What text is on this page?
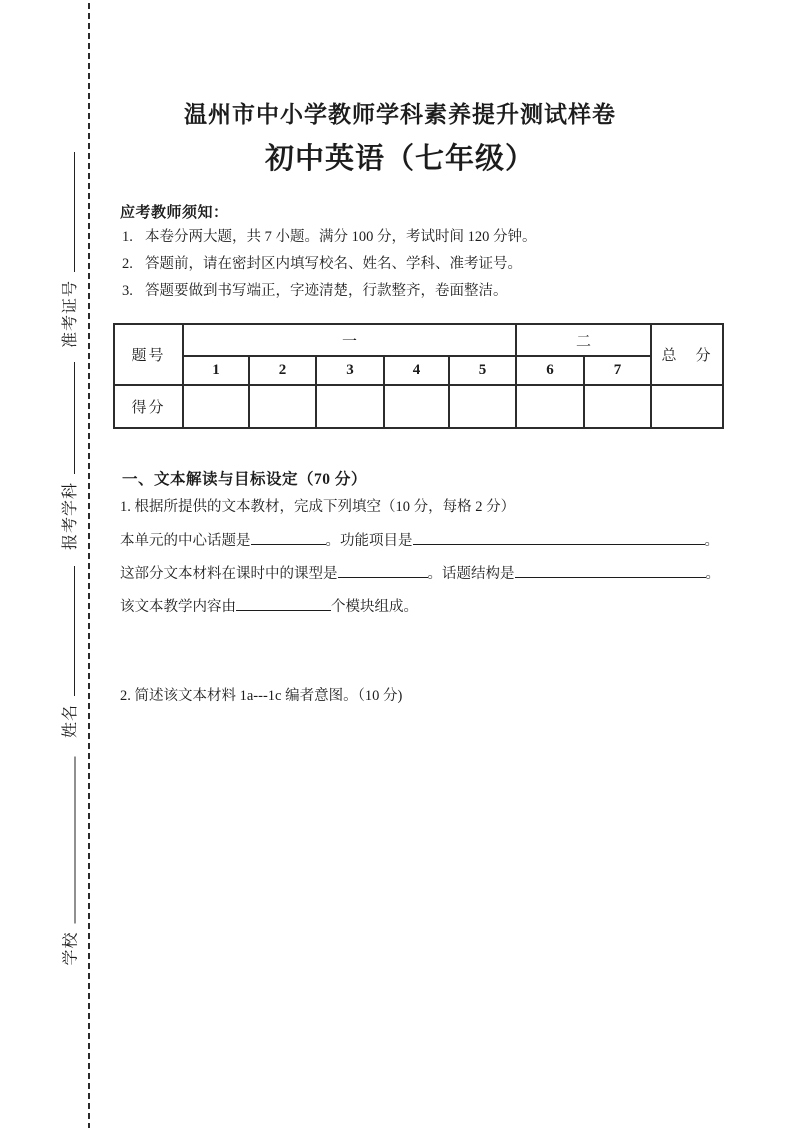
学校
姓名
报考学科
准考证号
温州市中小学教师学科素养提升测试样卷
初中英语（七年级）
应考教师须知：
1. 本卷分两大题，共 7 小题。满分 100 分，考试时间 120 分钟。
2. 答题前，请在密封区内填写校名、姓名、学科、准考证号。
3. 答题要做到书写端正，字迹清楚，行款整齐，卷面整洁。
题号	一					二		总　分
	1	2	3	4	5	6	7	
得分								
一、文本解读与目标设定（70 分）
1. 根据所提供的文本教材，完成下列填空（10 分，每格 2 分）
本单元的中心话题是	。功能项目是	。
这部分文本材料在课时中的课型是	。话题结构是	。
该文本教学内容由	个模块组成。
2. 简述该文本材料 1a---1c 编者意图。（10 分)
